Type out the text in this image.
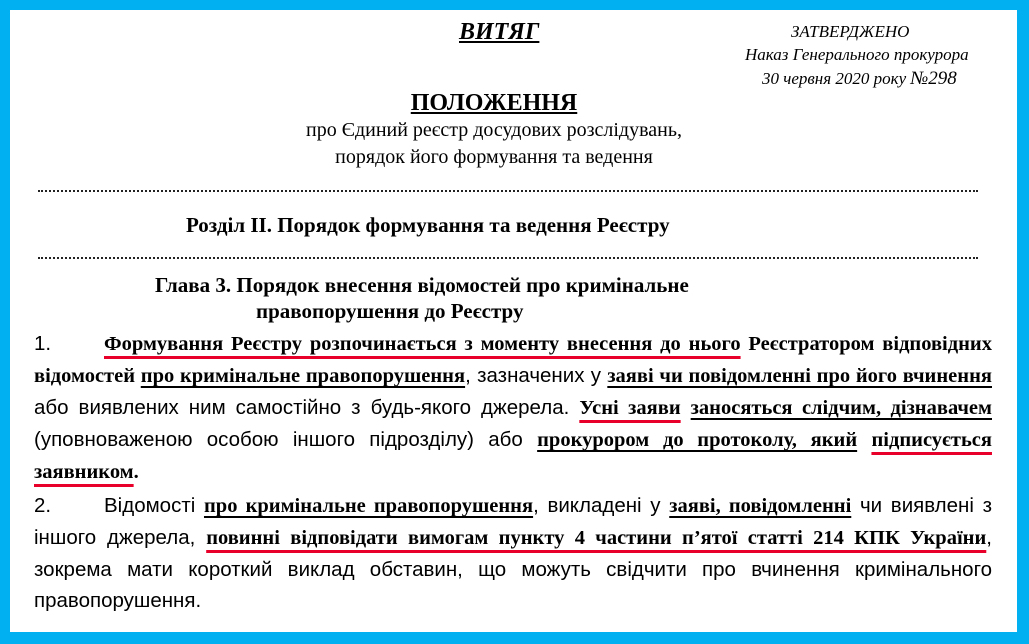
ВИТЯГ	ЗАТВЕРДЖЕНО
Наказ Генерального прокурора
30 червня 2020 року №298
ПОЛОЖЕННЯ
про Єдиний реєстр досудових розслідувань,
порядок його формування та ведення
Розділ ІІ. Порядок формування та ведення Реєстру
Глава 3. Порядок внесення відомостей про кримінальне
правопорушення до Реєстру
1.	Формування Реєстру розпочинається з моменту внесення до нього Реєстратором відповідних відомостей про кримінальне правопорушення, зазначених у заяві чи повідомленні про його вчинення або виявлених ним самостійно з будь-якого джерела. Усні заяви заносяться слідчим, дізнавачем (уповноваженою особою іншого підрозділу) або прокурором до протоколу, який підписується заявником.
2.	Відомості про кримінальне правопорушення, викладені у заяві, повідомленні чи виявлені з іншого джерела, повинні відповідати вимогам пункту 4 частини п’ятої статті 214 КПК України, зокрема мати короткий виклад обставин, що можуть свідчити про вчинення кримінального правопорушення.
